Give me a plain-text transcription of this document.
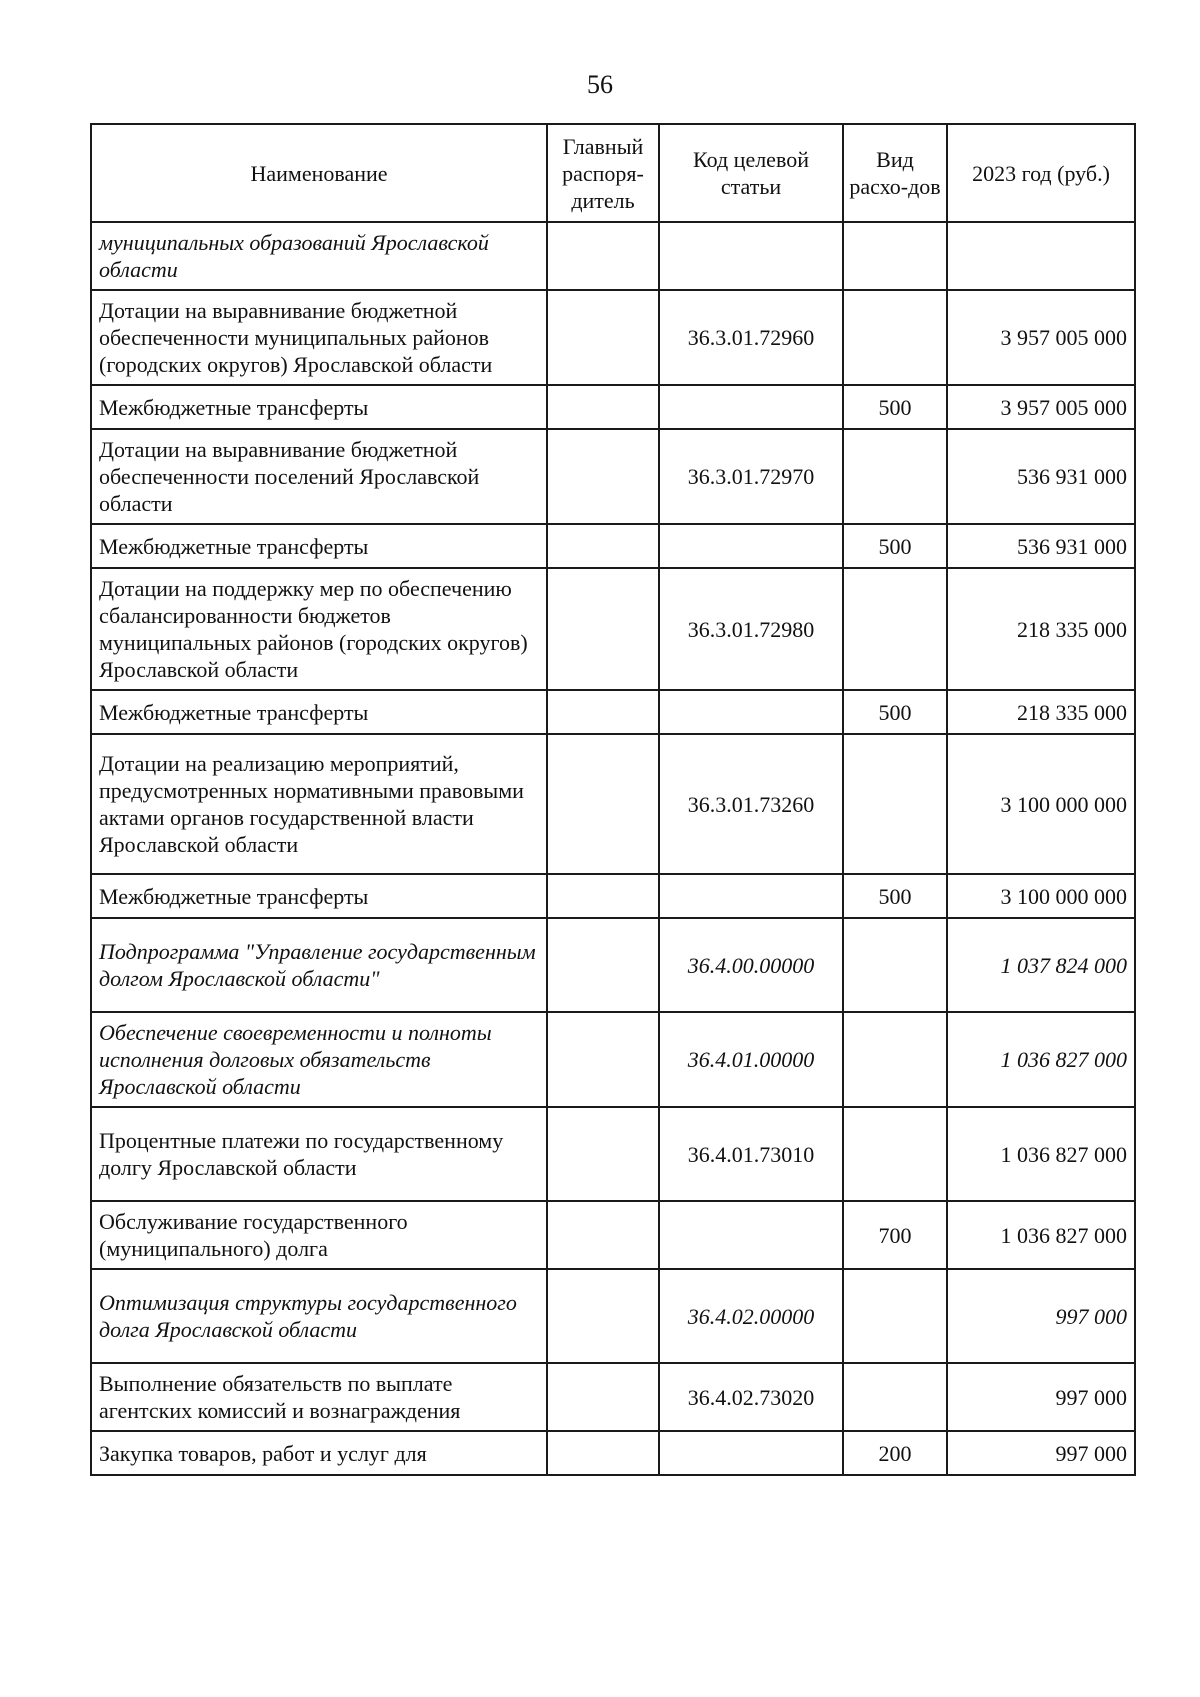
56
Наименование	Главный распоря-дитель	Код целевой статьи	Вид расхо-дов	2023 год (руб.)
муниципальных образований Ярославской области				
Дотации на выравнивание бюджетной обеспеченности муниципальных районов (городских округов) Ярославской области		36.3.01.72960		3 957 005 000
Межбюджетные трансферты			500	3 957 005 000
Дотации на выравнивание бюджетной обеспеченности поселений Ярославской области		36.3.01.72970		536 931 000
Межбюджетные трансферты			500	536 931 000
Дотации на поддержку мер по обеспечению сбалансированности бюджетов муниципальных районов (городских округов) Ярославской области		36.3.01.72980		218 335 000
Межбюджетные трансферты			500	218 335 000
Дотации на реализацию мероприятий, предусмотренных нормативными правовыми актами органов государственной власти Ярославской области		36.3.01.73260		3 100 000 000
Межбюджетные трансферты			500	3 100 000 000
Подпрограмма "Управление государственным долгом Ярославской области"		36.4.00.00000		1 037 824 000
Обеспечение своевременности и полноты исполнения долговых обязательств Ярославской области		36.4.01.00000		1 036 827 000
Процентные платежи по государственному долгу Ярославской области		36.4.01.73010		1 036 827 000
Обслуживание государственного (муниципального) долга			700	1 036 827 000
Оптимизация структуры государственного долга Ярославской области		36.4.02.00000		997 000
Выполнение обязательств по выплате агентских комиссий и вознаграждения		36.4.02.73020		997 000
Закупка товаров, работ и услуг для			200	997 000
